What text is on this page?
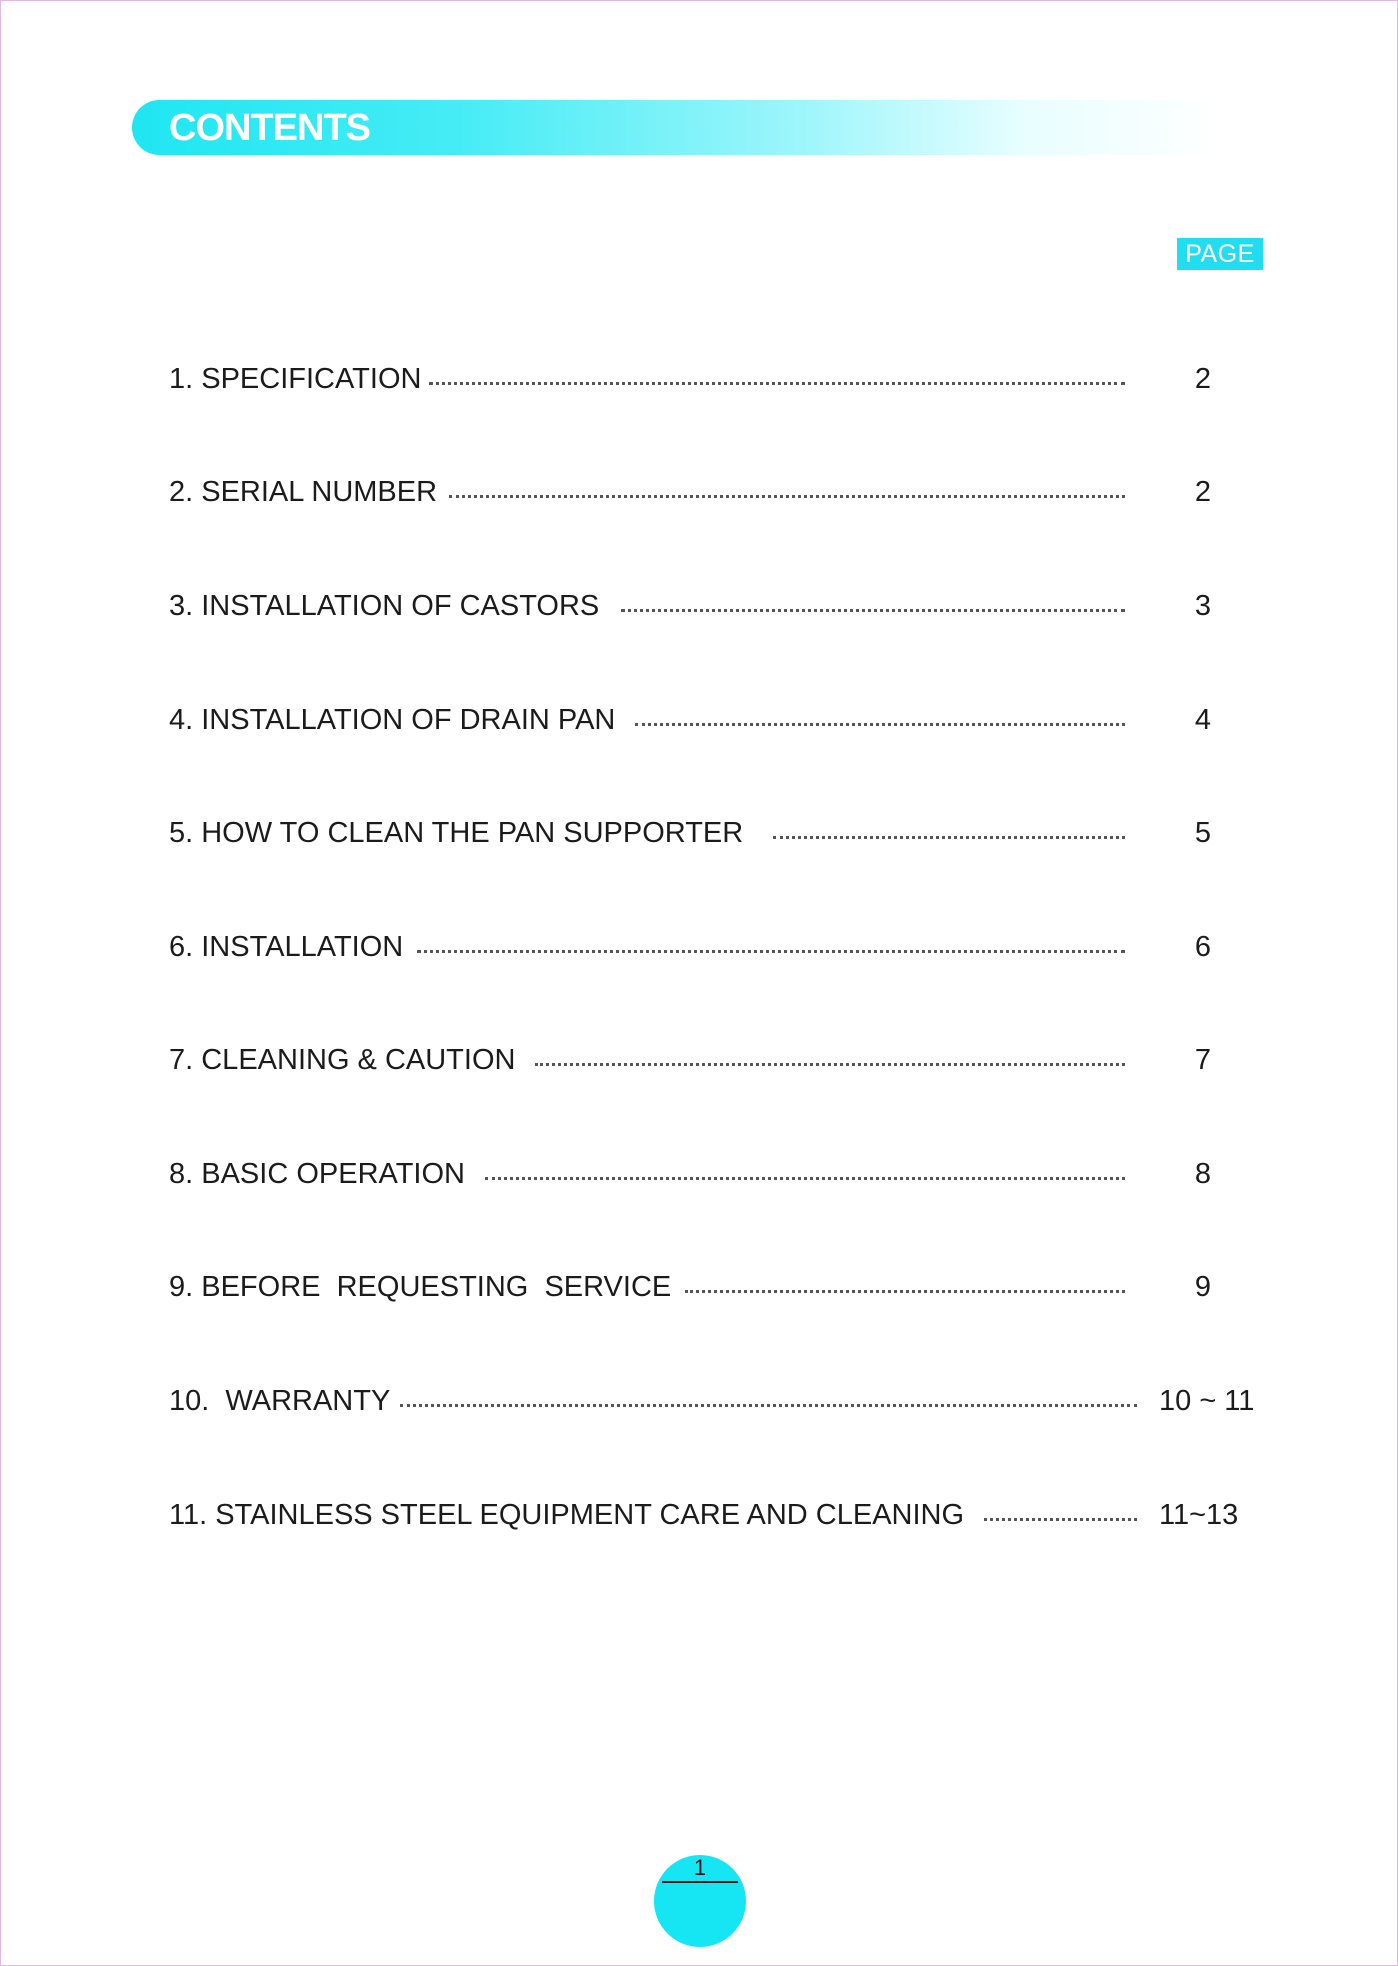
CONTENTS
PAGE
1. SPECIFICATION	2
2. SERIAL NUMBER	2
3. INSTALLATION OF CASTORS	3
4. INSTALLATION OF DRAIN PAN	4
5. HOW TO CLEAN THE PAN SUPPORTER	5
6. INSTALLATION	6
7. CLEANING & CAUTION	7
8. BASIC OPERATION	8
9. BEFORE  REQUESTING  SERVICE	9
10.  WARRANTY	10 ~ 11
11. STAINLESS STEEL EQUIPMENT CARE AND CLEANING	11~13
1
